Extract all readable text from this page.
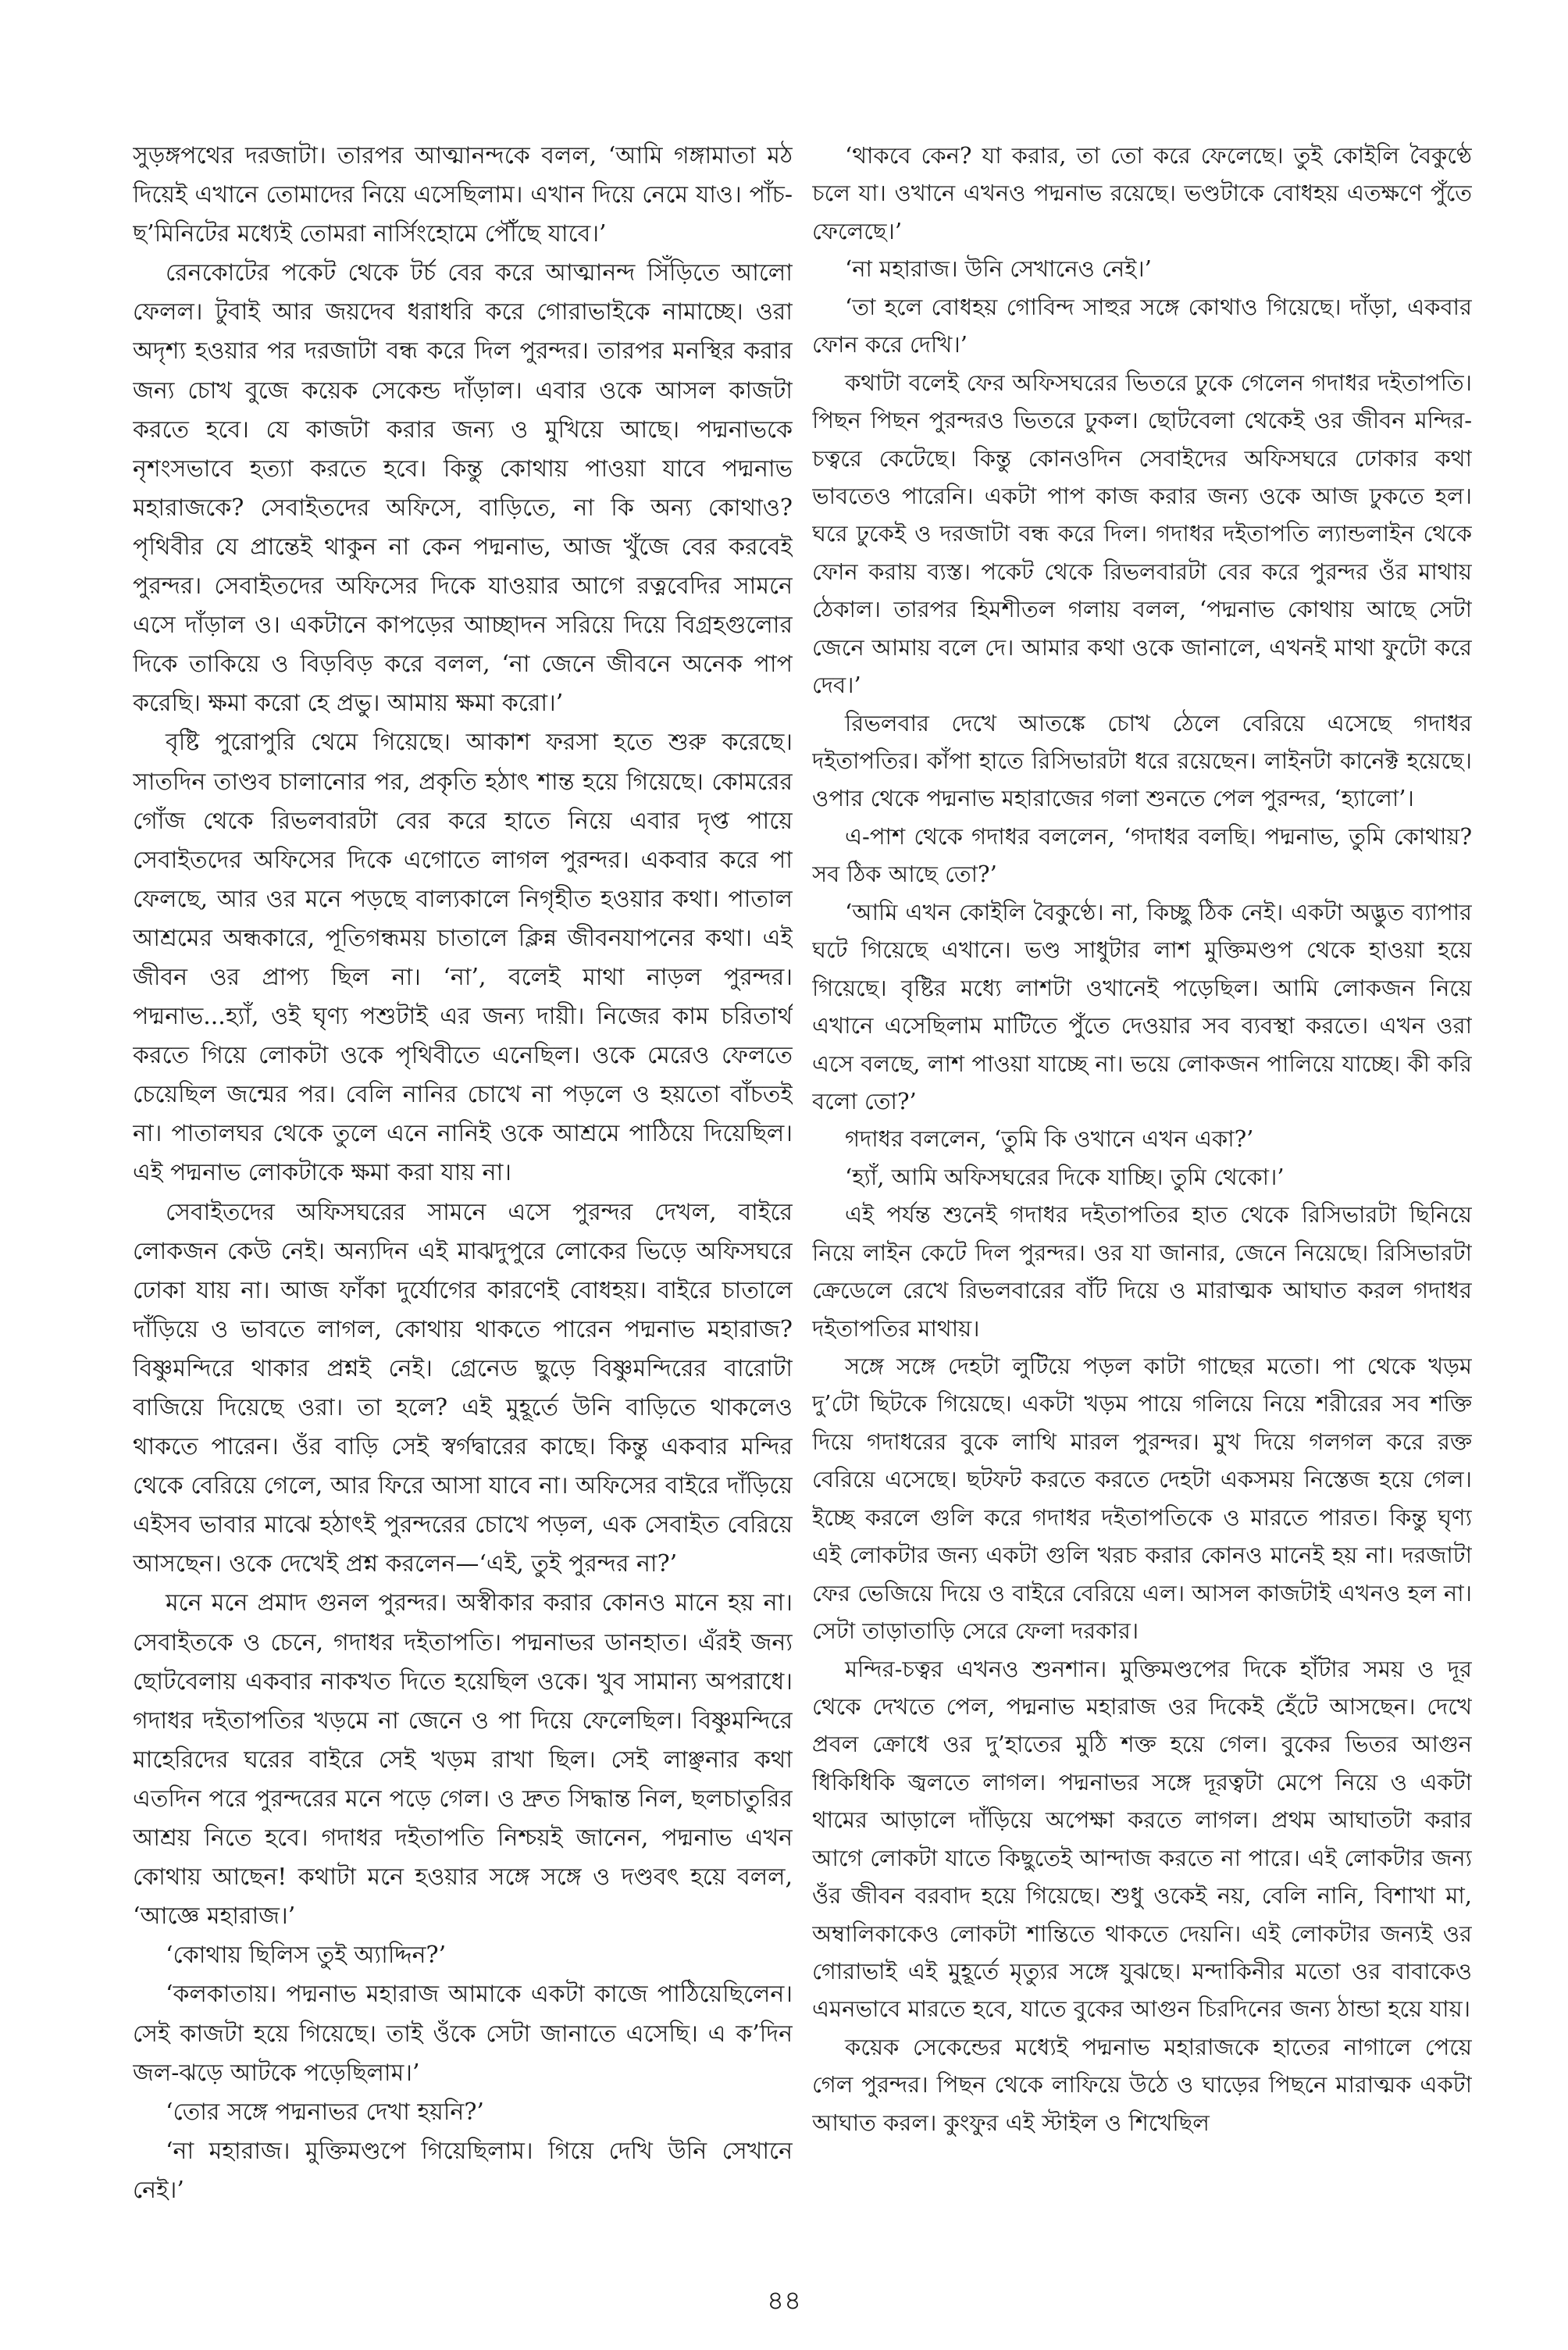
সুড়ঙ্গপথের দরজাটা। তারপর আত্মানন্দকে বলল, ‘আমি গঙ্গামাতা মঠ দিয়েই এখানে তোমাদের নিয়ে এসেছিলাম। এখান দিয়ে নেমে যাও। পাঁচ-ছ’মিনিটের মধ্যেই তোমরা নার্সিংহোমে পৌঁছে যাবে।’

রেনকোটের পকেট থেকে টর্চ বের করে আত্মানন্দ সিঁড়িতে আলো ফেলল। টুবাই আর জয়দেব ধরাধরি করে গোরাভাইকে নামাচ্ছে। ওরা অদৃশ্য হওয়ার পর দরজাটা বন্ধ করে দিল পুরন্দর। তারপর মনস্থির করার জন্য চোখ বুজে কয়েক সেকেন্ড দাঁড়াল। এবার ওকে আসল কাজটা করতে হবে। যে কাজটা করার জন্য ও মুখিয়ে আছে। পদ্মনাভকে নৃশংসভাবে হত্যা করতে হবে। কিন্তু কোথায় পাওয়া যাবে পদ্মনাভ মহারাজকে? সেবাইতদের অফিসে, বাড়িতে, না কি অন্য কোথাও? পৃথিবীর যে প্রান্তেই থাকুন না কেন পদ্মনাভ, আজ খুঁজে বের করবেই পুরন্দর। সেবাইতদের অফিসের দিকে যাওয়ার আগে রত্নবেদির সামনে এসে দাঁড়াল ও। একটানে কাপড়ের আচ্ছাদন সরিয়ে দিয়ে বিগ্রহগুলোর দিকে তাকিয়ে ও বিড়বিড় করে বলল, ‘না জেনে জীবনে অনেক পাপ করেছি। ক্ষমা করো হে প্রভু। আমায় ক্ষমা করো।’

বৃষ্টি পুরোপুরি থেমে গিয়েছে। আকাশ ফরসা হতে শুরু করেছে। সাতদিন তাণ্ডব চালানোর পর, প্রকৃতি হঠাৎ শান্ত হয়ে গিয়েছে। কোমরের গোঁজ থেকে রিভলবারটা বের করে হাতে নিয়ে এবার দৃপ্ত পায়ে সেবাইতদের অফিসের দিকে এগোতে লাগল পুরন্দর। একবার করে পা ফেলছে, আর ওর মনে পড়ছে বাল্যকালে নিগৃহীত হওয়ার কথা। পাতাল আশ্রমের অন্ধকারে, পূতিগন্ধময় চাতালে ক্লিন্ন জীবনযাপনের কথা। এই জীবন ওর প্রাপ্য ছিল না। ‘না’, বলেই মাথা নাড়ল পুরন্দর। পদ্মনাভ...হ্যাঁ, ওই ঘৃণ্য পশুটাই এর জন্য দায়ী। নিজের কাম চরিতার্থ করতে গিয়ে লোকটা ওকে পৃথিবীতে এনেছিল। ওকে মেরেও ফেলতে চেয়েছিল জন্মের পর। বেলি নানির চোখে না পড়লে ও হয়তো বাঁচতই না। পাতালঘর থেকে তুলে এনে নানিই ওকে আশ্রমে পাঠিয়ে দিয়েছিল। এই পদ্মনাভ লোকটাকে ক্ষমা করা যায় না।

সেবাইতদের অফিসঘরের সামনে এসে পুরন্দর দেখল, বাইরে লোকজন কেউ নেই। অন্যদিন এই মাঝদুপুরে লোকের ভিড়ে অফিসঘরে ঢোকা যায় না। আজ ফাঁকা দুর্যোগের কারণেই বোধহয়। বাইরে চাতালে দাঁড়িয়ে ও ভাবতে লাগল, কোথায় থাকতে পারেন পদ্মনাভ মহারাজ? বিষ্ণুমন্দিরে থাকার প্রশ্নই নেই। গ্রেনেড ছুড়ে বিষ্ণুমন্দিরের বারোটা বাজিয়ে দিয়েছে ওরা। তা হলে? এই মুহূর্তে উনি বাড়িতে থাকলেও থাকতে পারেন। ওঁর বাড়ি সেই স্বর্গদ্বারের কাছে। কিন্তু একবার মন্দির থেকে বেরিয়ে গেলে, আর ফিরে আসা যাবে না। অফিসের বাইরে দাঁড়িয়ে এইসব ভাবার মাঝে হঠাৎই পুরন্দরের চোখে পড়ল, এক সেবাইত বেরিয়ে আসছেন। ওকে দেখেই প্রশ্ন করলেন—‘এই, তুই পুরন্দর না?’

মনে মনে প্রমাদ গুনল পুরন্দর। অস্বীকার করার কোনও মানে হয় না। সেবাইতকে ও চেনে, গদাধর দইতাপতি। পদ্মনাভর ডানহাত। এঁরই জন্য ছোটবেলায় একবার নাকখত দিতে হয়েছিল ওকে। খুব সামান্য অপরাধে। গদাধর দইতাপতির খড়মে না জেনে ও পা দিয়ে ফেলেছিল। বিষ্ণুমন্দিরে মাহেরিদের ঘরের বাইরে সেই খড়ম রাখা ছিল। সেই লাঞ্ছনার কথা এতদিন পরে পুরন্দরের মনে পড়ে গেল। ও দ্রুত সিদ্ধান্ত নিল, ছলচাতুরির আশ্রয় নিতে হবে। গদাধর দইতাপতি নিশ্চয়ই জানেন, পদ্মনাভ এখন কোথায় আছেন! কথাটা মনে হওয়ার সঙ্গে সঙ্গে ও দণ্ডবৎ হয়ে বলল, ‘আজ্ঞে মহারাজ।’

‘কোথায় ছিলিস তুই অ্যাদ্দিন?’

‘কলকাতায়। পদ্মনাভ মহারাজ আমাকে একটা কাজে পাঠিয়েছিলেন। সেই কাজটা হয়ে গিয়েছে। তাই ওঁকে সেটা জানাতে এসেছি। এ ক’দিন জল-ঝড়ে আটকে পড়েছিলাম।’

‘তোর সঙ্গে পদ্মনাভর দেখা হয়নি?’

‘না মহারাজ। মুক্তিমণ্ডপে গিয়েছিলাম। গিয়ে দেখি উনি সেখানে নেই।’

‘থাকবে কেন? যা করার, তা তো করে ফেলেছে। তুই কোইলি বৈকুণ্ঠে চলে যা। ওখানে এখনও পদ্মনাভ রয়েছে। ভণ্ডটাকে বোধহয় এতক্ষণে পুঁতে ফেলেছে।’

‘না মহারাজ। উনি সেখানেও নেই।’

‘তা হলে বোধহয় গোবিন্দ সাহুর সঙ্গে কোথাও গিয়েছে। দাঁড়া, একবার ফোন করে দেখি।’

কথাটা বলেই ফের অফিসঘরের ভিতরে ঢুকে গেলেন গদাধর দইতাপতি। পিছন পিছন পুরন্দরও ভিতরে ঢুকল। ছোটবেলা থেকেই ওর জীবন মন্দির-চত্বরে কেটেছে। কিন্তু কোনওদিন সেবাইদের অফিসঘরে ঢোকার কথা ভাবতেও পারেনি। একটা পাপ কাজ করার জন্য ওকে আজ ঢুকতে হল। ঘরে ঢুকেই ও দরজাটা বন্ধ করে দিল। গদাধর দইতাপতি ল্যান্ডলাইন থেকে ফোন করায় ব্যস্ত। পকেট থেকে রিভলবারটা বের করে পুরন্দর ওঁর মাথায় ঠেকাল। তারপর হিমশীতল গলায় বলল, ‘পদ্মনাভ কোথায় আছে সেটা জেনে আমায় বলে দে। আমার কথা ওকে জানালে, এখনই মাথা ফুটো করে দেব।’

রিভলবার দেখে আতঙ্কে চোখ ঠেলে বেরিয়ে এসেছে গদাধর দইতাপতির। কাঁপা হাতে রিসিভারটা ধরে রয়েছেন। লাইনটা কানেক্ট হয়েছে। ওপার থেকে পদ্মনাভ মহারাজের গলা শুনতে পেল পুরন্দর, ‘হ্যালো’।

এ-পাশ থেকে গদাধর বললেন, ‘গদাধর বলছি। পদ্মনাভ, তুমি কোথায়? সব ঠিক আছে তো?’

‘আমি এখন কোইলি বৈকুণ্ঠে। না, কিচ্ছু ঠিক নেই। একটা অদ্ভুত ব্যাপার ঘটে গিয়েছে এখানে। ভণ্ড সাধুটার লাশ মুক্তিমণ্ডপ থেকে হাওয়া হয়ে গিয়েছে। বৃষ্টির মধ্যে লাশটা ওখানেই পড়েছিল। আমি লোকজন নিয়ে এখানে এসেছিলাম মাটিতে পুঁতে দেওয়ার সব ব্যবস্থা করতে। এখন ওরা এসে বলছে, লাশ পাওয়া যাচ্ছে না। ভয়ে লোকজন পালিয়ে যাচ্ছে। কী করি বলো তো?’

গদাধর বললেন, ‘তুমি কি ওখানে এখন একা?’

‘হ্যাঁ, আমি অফিসঘরের দিকে যাচ্ছি। তুমি থেকো।’

এই পর্যন্ত শুনেই গদাধর দইতাপতির হাত থেকে রিসিভারটা ছিনিয়ে নিয়ে লাইন কেটে দিল পুরন্দর। ওর যা জানার, জেনে নিয়েছে। রিসিভারটা ক্রেডেলে রেখে রিভলবারের বাঁট দিয়ে ও মারাত্মক আঘাত করল গদাধর দইতাপতির মাথায়।

সঙ্গে সঙ্গে দেহটা লুটিয়ে পড়ল কাটা গাছের মতো। পা থেকে খড়ম দু’টো ছিটকে গিয়েছে। একটা খড়ম পায়ে গলিয়ে নিয়ে শরীরের সব শক্তি দিয়ে গদাধরের বুকে লাথি মারল পুরন্দর। মুখ দিয়ে গলগল করে রক্ত বেরিয়ে এসেছে। ছটফট করতে করতে দেহটা একসময় নিস্তেজ হয়ে গেল। ইচ্ছে করলে গুলি করে গদাধর দইতাপতিকে ও মারতে পারত। কিন্তু ঘৃণ্য এই লোকটার জন্য একটা গুলি খরচ করার কোনও মানেই হয় না। দরজাটা ফের ভেজিয়ে দিয়ে ও বাইরে বেরিয়ে এল। আসল কাজটাই এখনও হল না। সেটা তাড়াতাড়ি সেরে ফেলা দরকার।

মন্দির-চত্বর এখনও শুনশান। মুক্তিমণ্ডপের দিকে হাঁটার সময় ও দূর থেকে দেখতে পেল, পদ্মনাভ মহারাজ ওর দিকেই হেঁটে আসছেন। দেখে প্রবল ক্রোধে ওর দু’হাতের মুঠি শক্ত হয়ে গেল। বুকের ভিতর আগুন ধিকিধিকি জ্বলতে লাগল। পদ্মনাভর সঙ্গে দূরত্বটা মেপে নিয়ে ও একটা থামের আড়ালে দাঁড়িয়ে অপেক্ষা করতে লাগল। প্রথম আঘাতটা করার আগে লোকটা যাতে কিছুতেই আন্দাজ করতে না পারে। এই লোকটার জন্য ওঁর জীবন বরবাদ হয়ে গিয়েছে। শুধু ওকেই নয়, বেলি নানি, বিশাখা মা, অম্বালিকাকেও লোকটা শান্তিতে থাকতে দেয়নি। এই লোকটার জন্যই ওর গোরাভাই এই মুহূর্তে মৃত্যুর সঙ্গে যুঝছে। মন্দাকিনীর মতো ওর বাবাকেও এমনভাবে মারতে হবে, যাতে বুকের আগুন চিরদিনের জন্য ঠান্ডা হয়ে যায়।

কয়েক সেকেন্ডের মধ্যেই পদ্মনাভ মহারাজকে হাতের নাগালে পেয়ে গেল পুরন্দর। পিছন থেকে লাফিয়ে উঠে ও ঘাড়ের পিছনে মারাত্মক একটা আঘাত করল। কুংফুর এই স্টাইল ও শিখেছিল

৪৪
